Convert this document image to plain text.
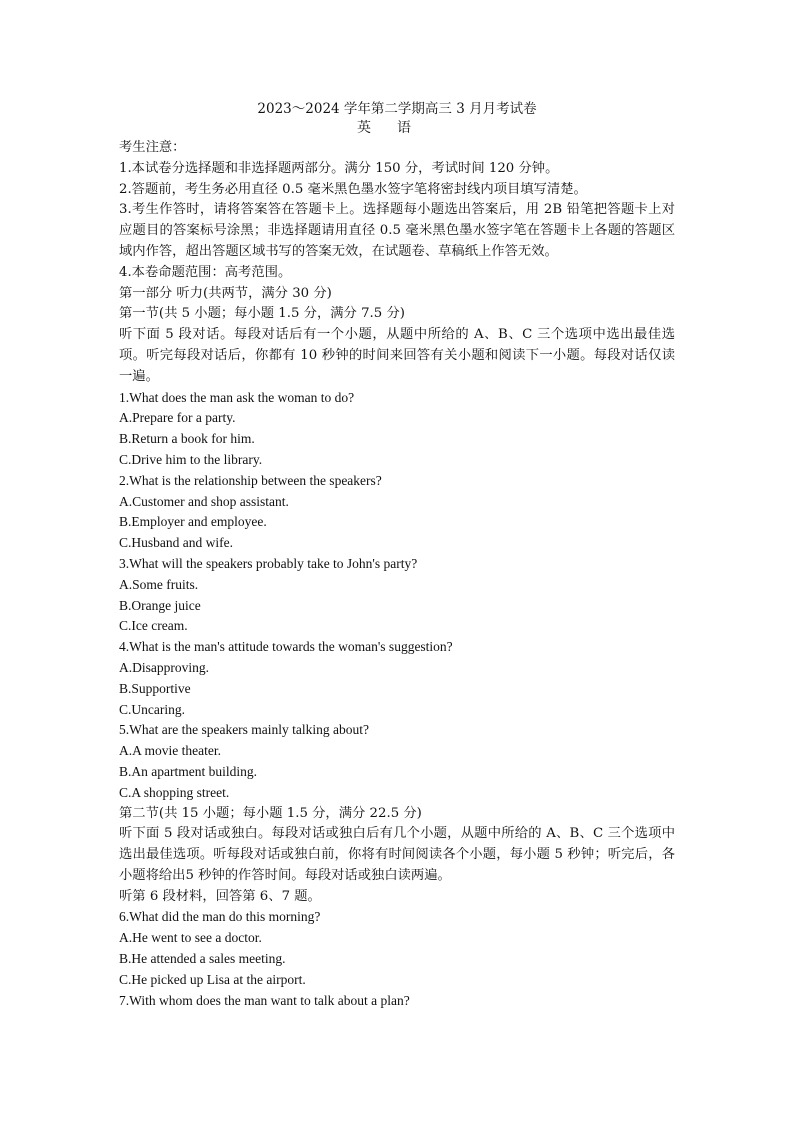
2023～2024 学年第二学期高三 3 月月考试卷
英语
考生注意：
1.本试卷分选择题和非选择题两部分。满分 150 分，考试时间 120 分钟。
2.答题前，考生务必用直径 0.5 毫米黑色墨水签字笔将密封线内项目填写清楚。
3.考生作答时，请将答案答在答题卡上。选择题每小题选出答案后，用 2B 铅笔把答题卡上对应题目的答案标号涂黑；非选择题请用直径 0.5 毫米黑色墨水签字笔在答题卡上各题的答题区域内作答，超出答题区域书写的答案无效，在试题卷、草稿纸上作答无效。
4.本卷命题范围：高考范围。
第一部分 听力(共两节，满分 30 分)
第一节(共 5 小题；每小题 1.5 分，满分 7.5 分)
听下面 5 段对话。每段对话后有一个小题，从题中所给的 A、B、C 三个选项中选出最佳选项。听完每段对话后，你都有 10 秒钟的时间来回答有关小题和阅读下一小题。每段对话仅读一遍。
1.What does the man ask the woman to do?
A.Prepare for a party.
B.Return a book for him.
C.Drive him to the library.
2.What is the relationship between the speakers?
A.Customer and shop assistant.
B.Employer and employee.
C.Husband and wife.
3.What will the speakers probably take to John's party?
A.Some fruits.
B.Orange juice
C.Ice cream.
4.What is the man's attitude towards the woman's suggestion?
A.Disapproving.
B.Supportive
C.Uncaring.
5.What are the speakers mainly talking about?
A.A movie theater.
B.An apartment building.
C.A shopping street.
第二节(共 15 小题；每小题 1.5 分，满分 22.5 分)
听下面 5 段对话或独白。每段对话或独白后有几个小题，从题中所给的 A、B、C 三个选项中选出最佳选项。听每段对话或独白前，你将有时间阅读各个小题，每小题 5 秒钟；听完后，各小题将给出5 秒钟的作答时间。每段对话或独白读两遍。
听第 6 段材料，回答第 6、7 题。
6.What did the man do this morning?
A.He went to see a doctor.
B.He attended a sales meeting.
C.He picked up Lisa at the airport.
7.With whom does the man want to talk about a plan?
